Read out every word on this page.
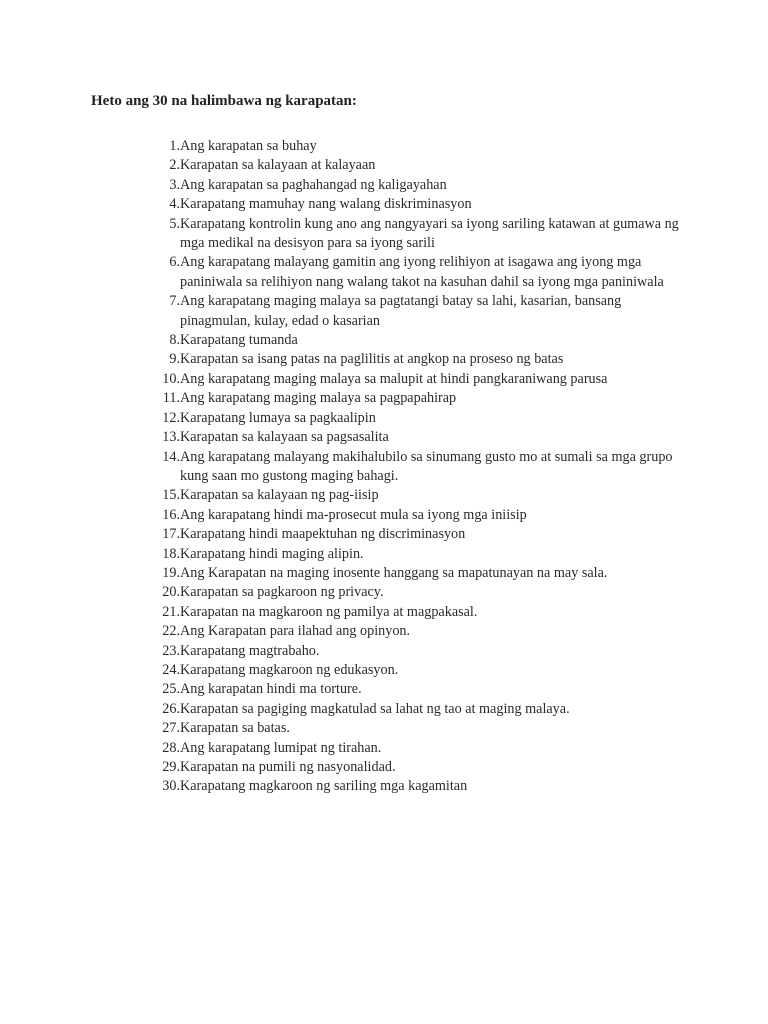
Heto ang 30 na halimbawa ng karapatan:
1. Ang karapatan sa buhay
2. Karapatan sa kalayaan at kalayaan
3. Ang karapatan sa paghahangad ng kaligayahan
4. Karapatang mamuhay nang walang diskriminasyon
5. Karapatang kontrolin kung ano ang nangyayari sa iyong sariling katawan at gumawa ng mga medikal na desisyon para sa iyong sarili
6. Ang karapatang malayang gamitin ang iyong relihiyon at isagawa ang iyong mga paniniwala sa relihiyon nang walang takot na kasuhan dahil sa iyong mga paniniwala
7. Ang karapatang maging malaya sa pagtatangi batay sa lahi, kasarian, bansang pinagmulan, kulay, edad o kasarian
8. Karapatang tumanda
9. Karapatan sa isang patas na paglilitis at angkop na proseso ng batas
10. Ang karapatang maging malaya sa malupit at hindi pangkaraniwang parusa
11. Ang karapatang maging malaya sa pagpapahirap
12. Karapatang lumaya sa pagkaalipin
13. Karapatan sa kalayaan sa pagsasalita
14. Ang karapatang malayang makihalubilo sa sinumang gusto mo at sumali sa mga grupo kung saan mo gustong maging bahagi.
15. Karapatan sa kalayaan ng pag-iisip
16. Ang karapatang hindi ma-prosecut mula sa iyong mga iniisip
17. Karapatang hindi maapektuhan ng discriminasyon
18. Karapatang hindi maging alipin.
19. Ang Karapatan na maging inosente hanggang sa mapatunayan na may sala.
20. Karapatan sa pagkaroon ng privacy.
21. Karapatan na magkaroon ng pamilya at magpakasal.
22. Ang Karapatan para ilahad ang opinyon.
23. Karapatang magtrabaho.
24. Karapatang magkaroon ng edukasyon.
25. Ang karapatan hindi ma torture.
26. Karapatan sa pagiging magkatulad sa lahat ng tao at maging malaya.
27. Karapatan sa batas.
28. Ang karapatang lumipat ng tirahan.
29. Karapatan na pumili ng nasyonalidad.
30. Karapatang magkaroon ng sariling mga kagamitan
